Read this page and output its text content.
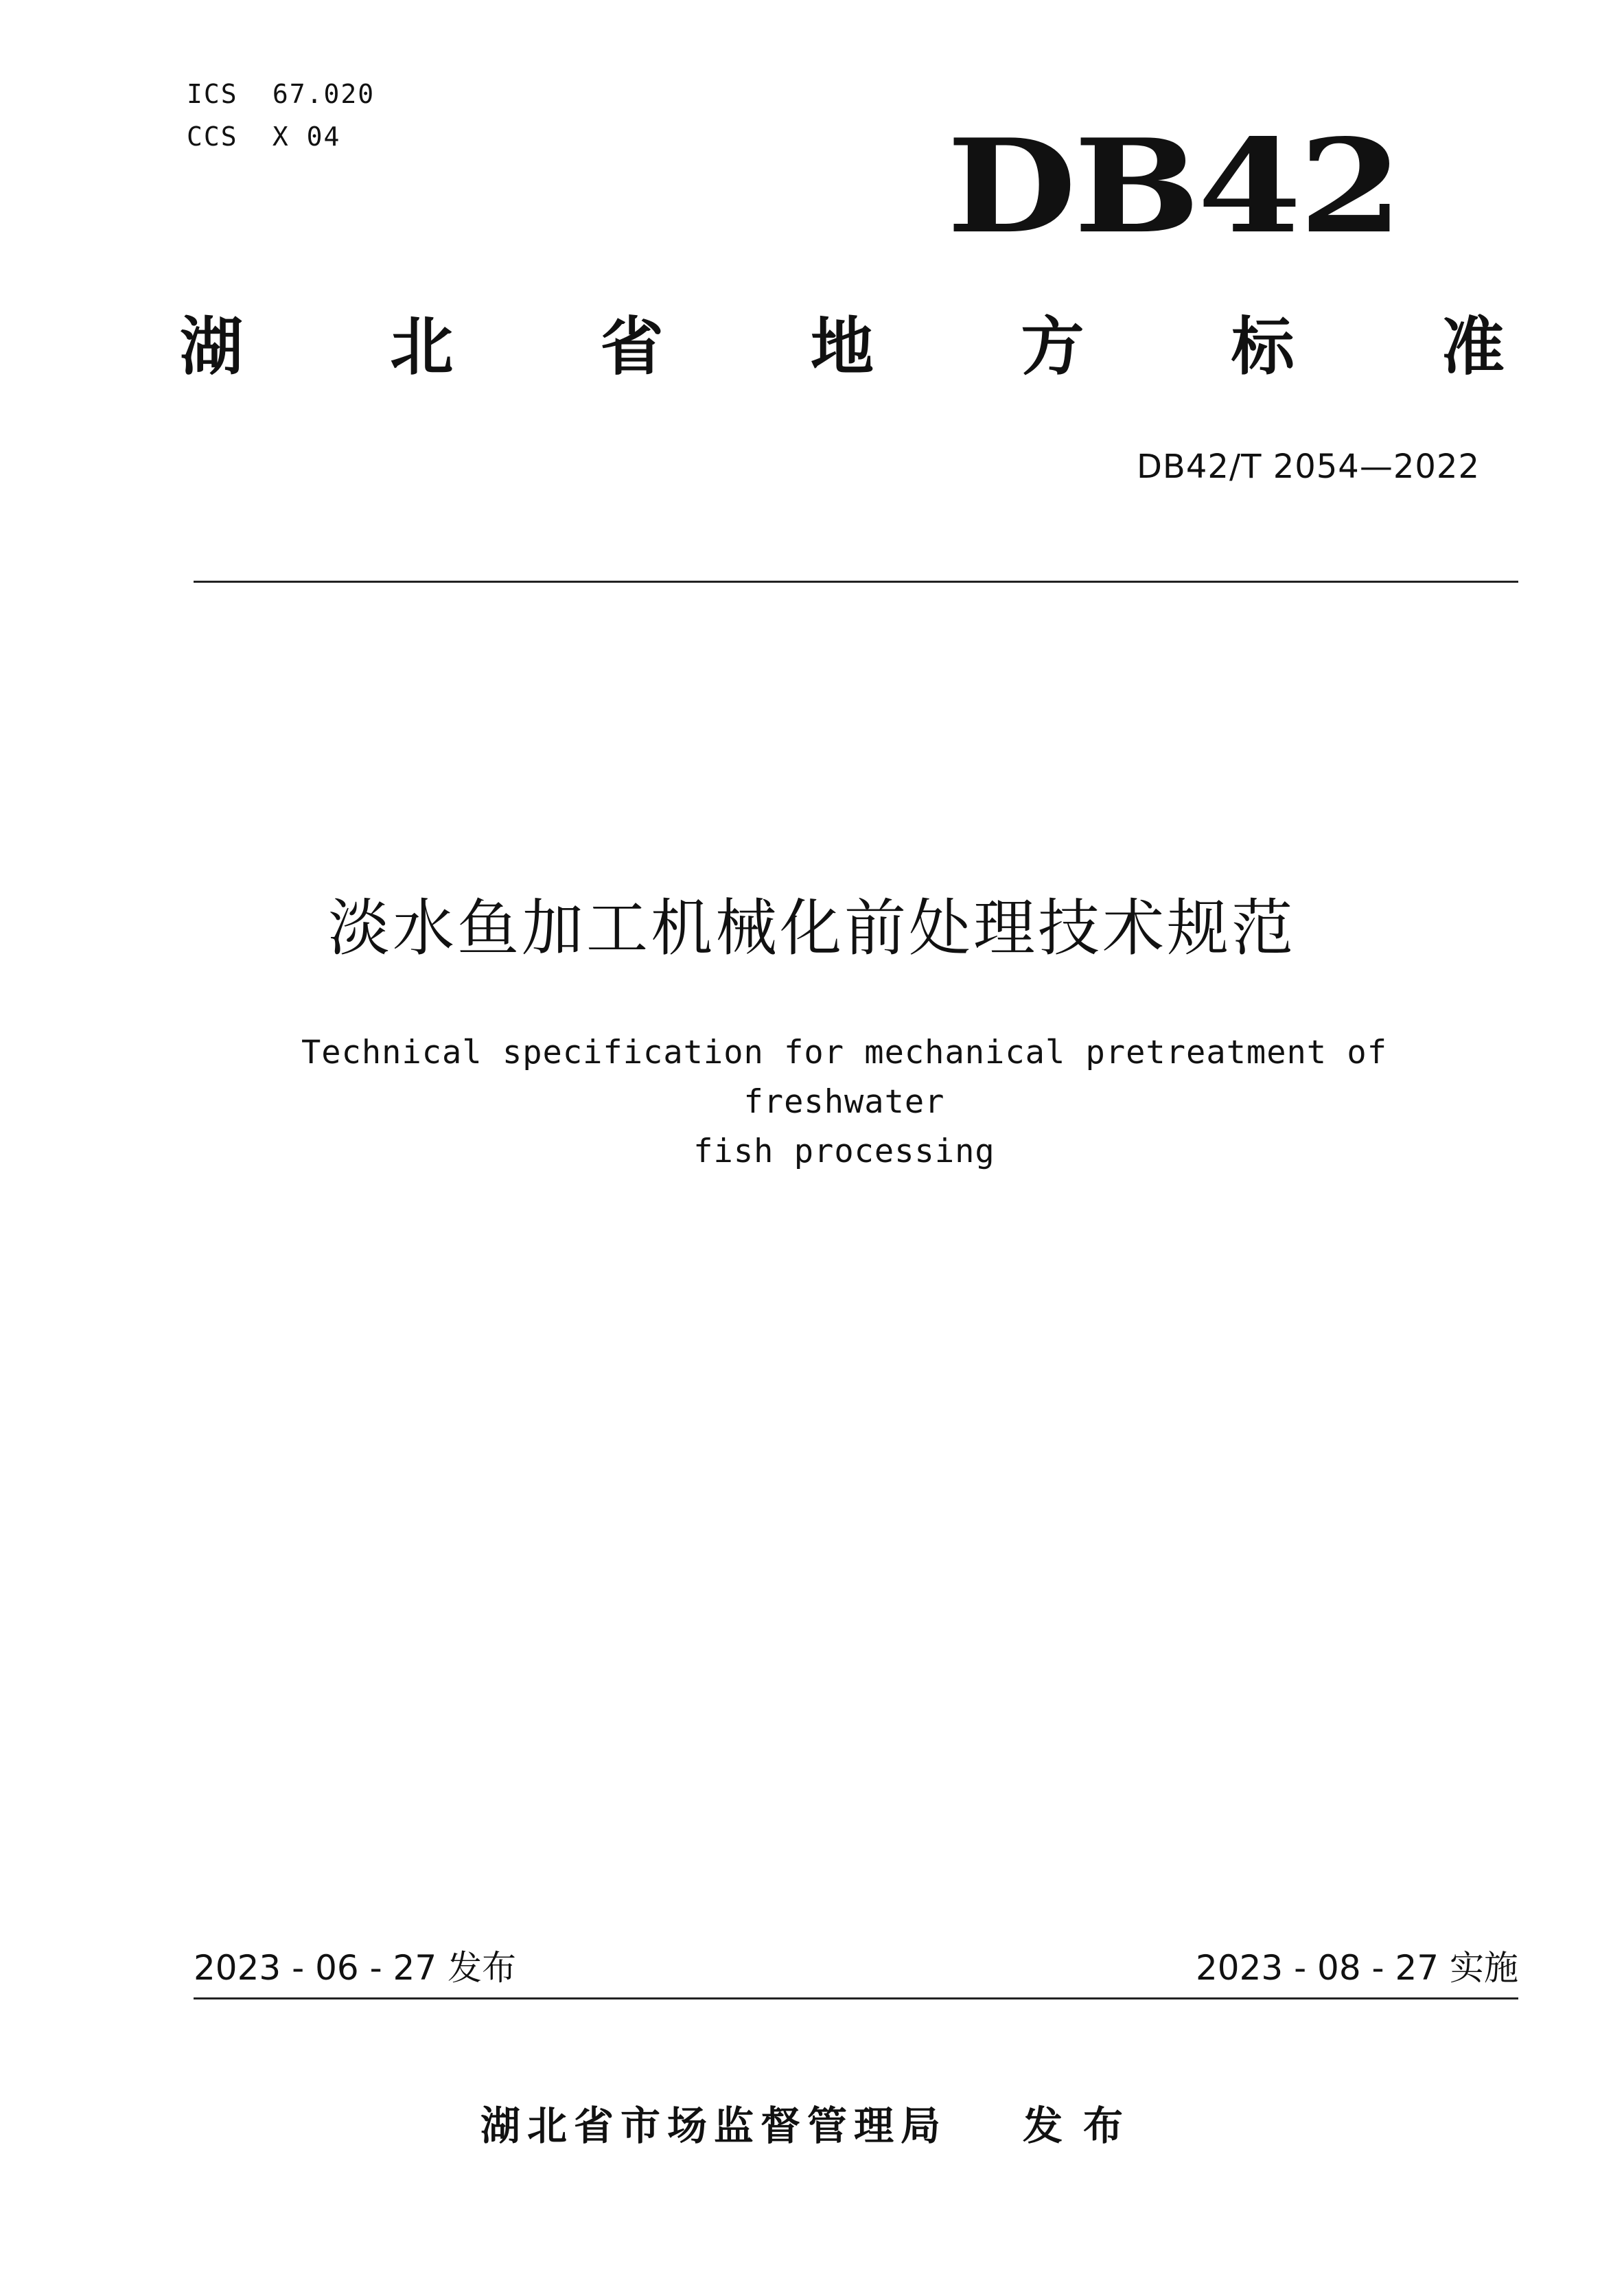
ICS 67.020
CCS X 04	DB42
湖 北 省 地 方 标 准
DB42/T 2054—2022
淡水鱼加工机械化前处理技术规范
Technical specification for mechanical pretreatment of freshwater
fish processing
2023 - 06 - 27 发布	2023 - 08 - 27 实施
湖北省市场监督管理局 发布
